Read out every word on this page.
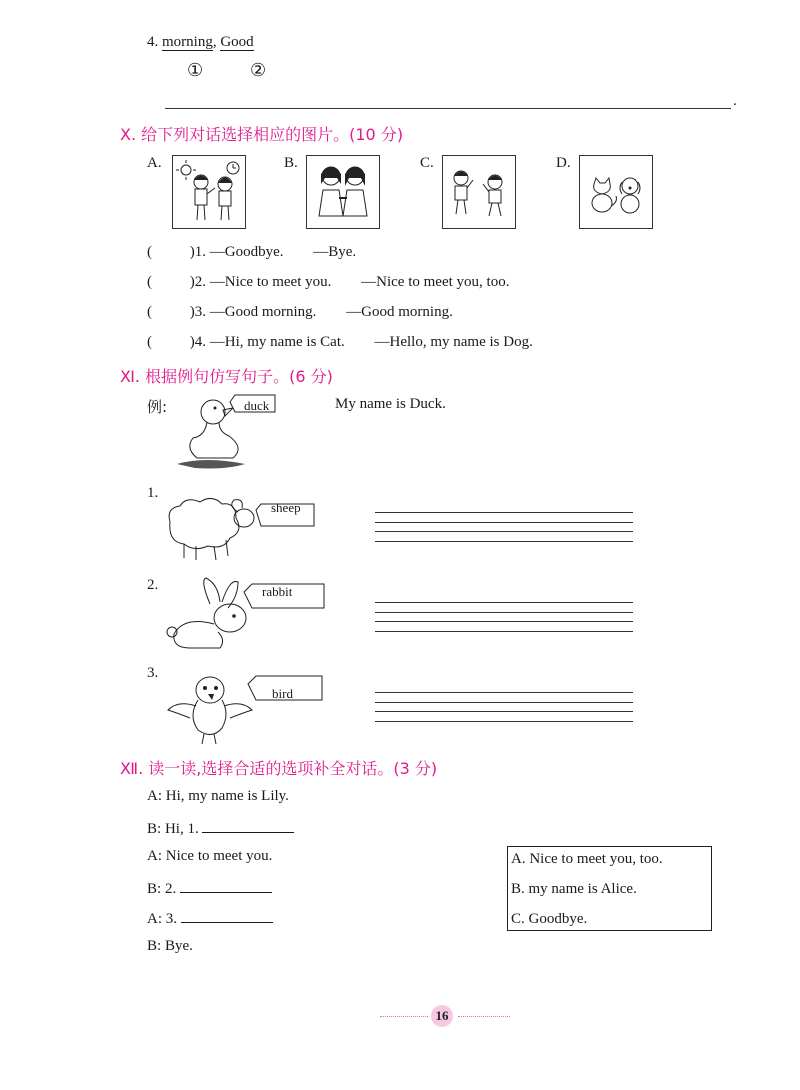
4. morning, Good
①	②
.
Ⅹ. 给下列对话选择相应的图片。(10 分)
A.	B.	C.	D.
(	)1. —Goodbye. —Bye.
(	)2. —Nice to meet you. —Nice to meet you, too.
(	)3. —Good morning. —Good morning.
(	)4. —Hi, my name is Cat. —Hello, my name is Dog.
Ⅺ. 根据例句仿写句子。(6 分)
例:	duck	My name is Duck.
1.
sheep
2.	rabbit
3.
bird
Ⅻ. 读一读,选择合适的选项补全对话。(3 分)
A: Hi, my name is Lily.
B: Hi, 1.
A: Nice to meet you.
B: 2.
A: 3.
B: Bye.
A. Nice to meet you, too.
B. my name is Alice.
C. Goodbye.
16
